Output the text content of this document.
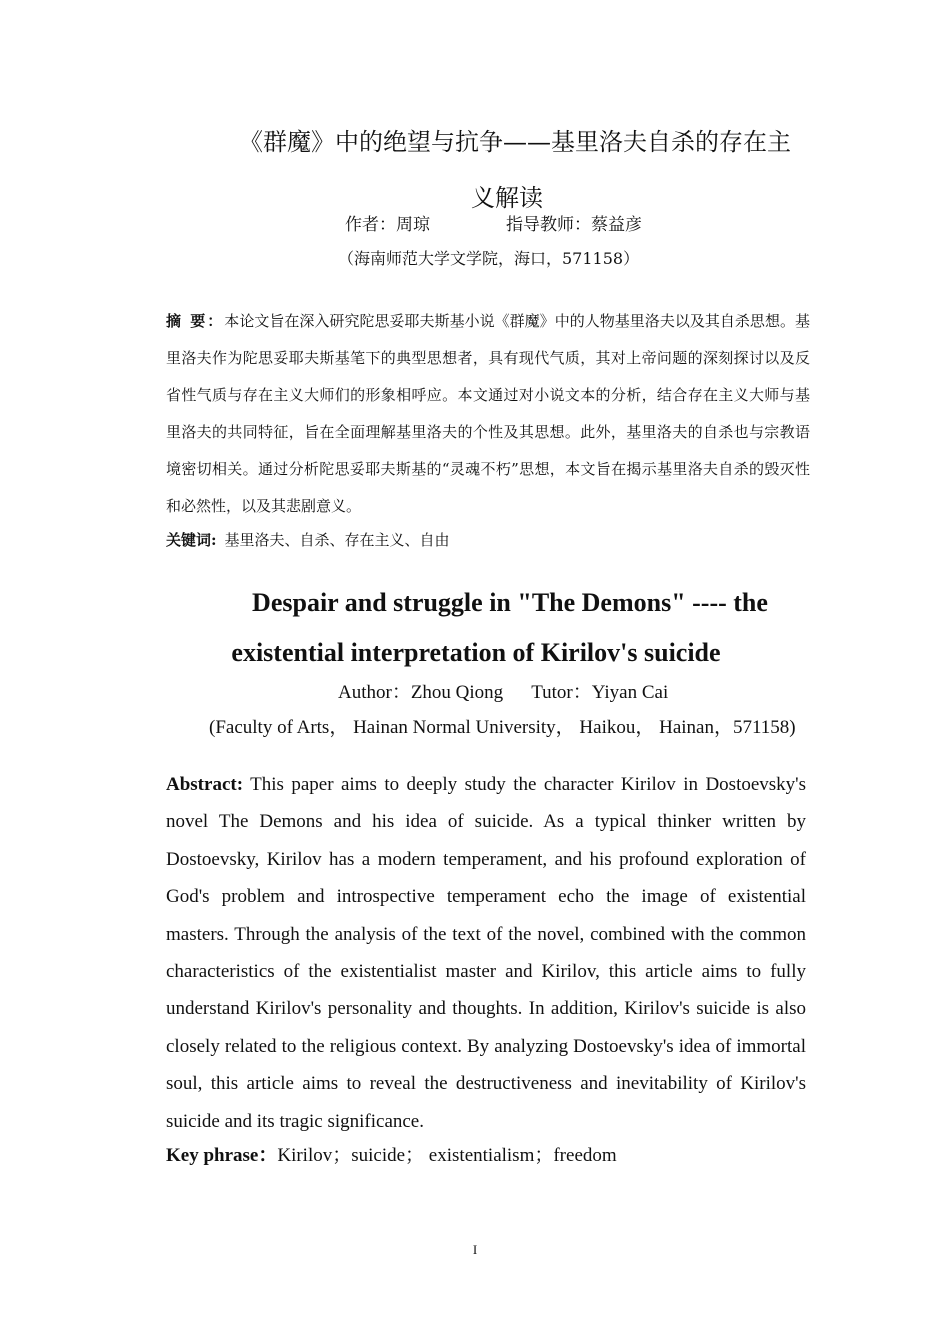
《群魔》中的绝望与抗争——基里洛夫自杀的存在主
义解读
作者：周琼	指导教师：蔡益彦
（海南师范大学文学院，海口，571158）
摘 要：本论文旨在深入研究陀思妥耶夫斯基小说《群魔》中的人物基里洛夫以及其自杀思想。基里洛夫作为陀思妥耶夫斯基笔下的典型思想者，具有现代气质，其对上帝问题的深刻探讨以及反省性气质与存在主义大师们的形象相呼应。本文通过对小说文本的分析，结合存在主义大师与基里洛夫的共同特征，旨在全面理解基里洛夫的个性及其思想。此外，基里洛夫的自杀也与宗教语境密切相关。通过分析陀思妥耶夫斯基的“灵魂不朽”思想，本文旨在揭示基里洛夫自杀的毁灭性和必然性，以及其悲剧意义。
关键词: 基里洛夫、自杀、存在主义、自由
Despair and struggle in "The Demons" ---- the
existential interpretation of Kirilov's suicide
Author：Zhou Qiong Tutor：Yiyan Cai
(Faculty of Arts， Hainan Normal University， Haikou， Hainan，571158)
Abstract: This paper aims to deeply study the character Kirilov in Dostoevsky's novel The Demons and his idea of suicide. As a typical thinker written by Dostoevsky, Kirilov has a modern temperament, and his profound exploration of God's problem and introspective temperament echo the image of existential masters. Through the analysis of the text of the novel, combined with the common characteristics of the existentialist master and Kirilov, this article aims to fully understand Kirilov's personality and thoughts. In addition, Kirilov's suicide is also closely related to the religious context. By analyzing Dostoevsky's idea of immortal soul, this article aims to reveal the destructiveness and inevitability of Kirilov's suicide and its tragic significance.
Key phrase：Kirilov；suicide； existentialism；freedom
I
